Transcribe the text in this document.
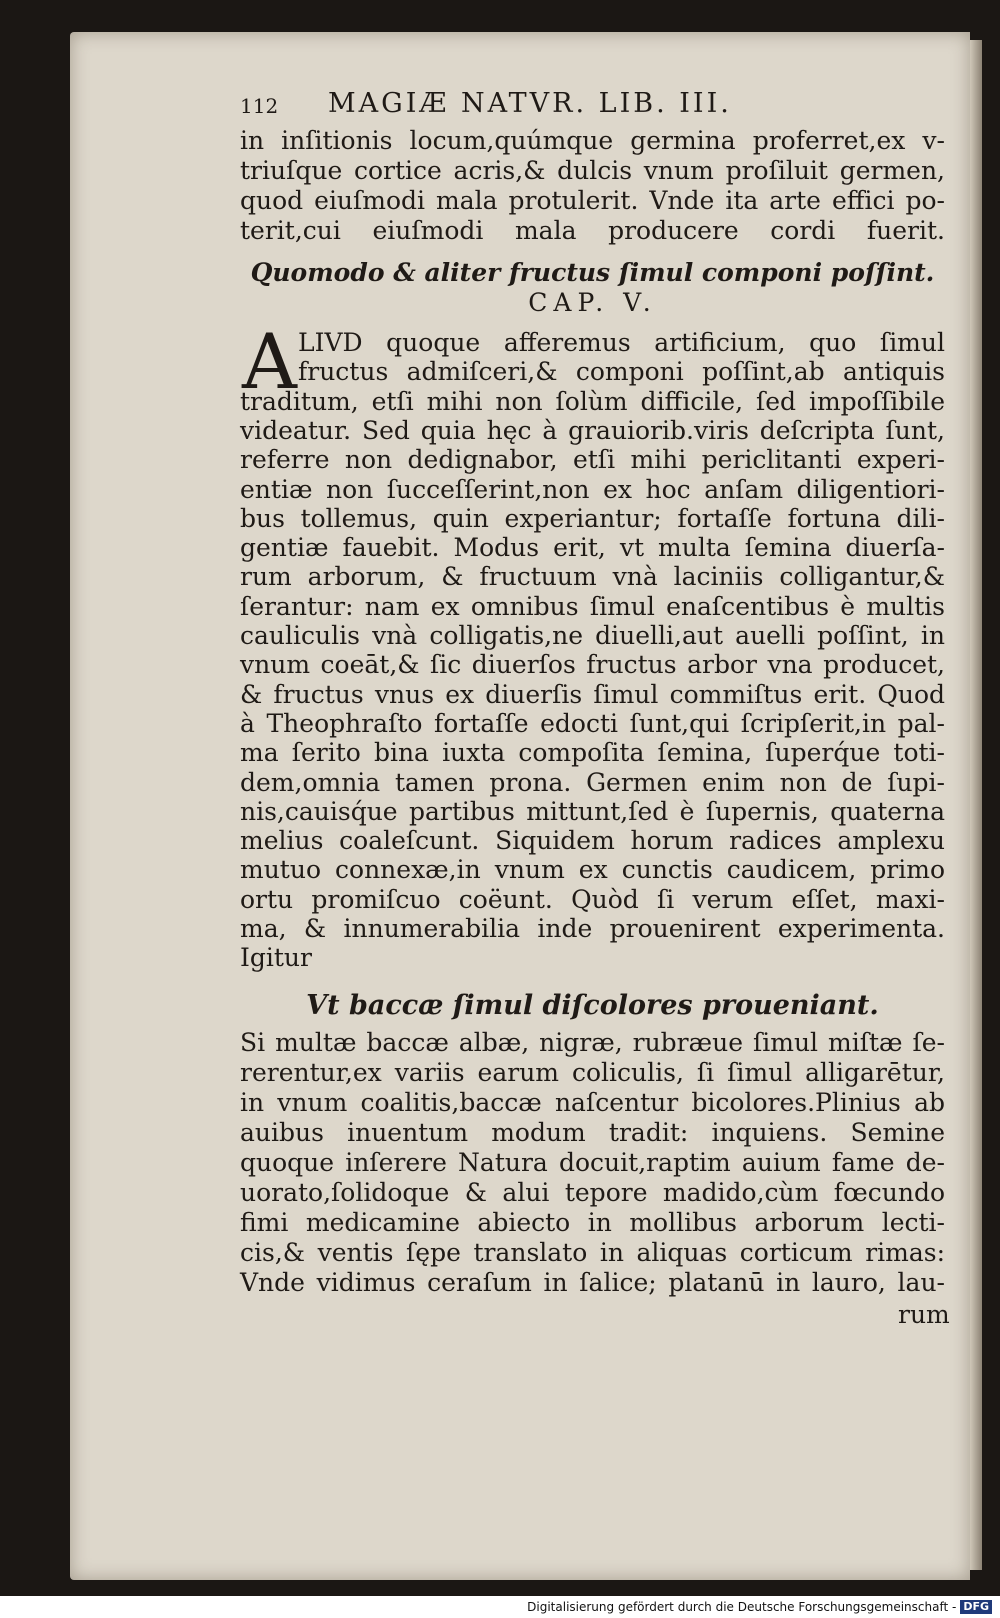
112 MAGIÆ NATVR. LIB. III.
in inſitionis locum,quúmque germina proferret,ex v-
triuſque cortice acris,& dulcis vnum proſiluit germen,
quod eiuſmodi mala protulerit. Vnde ita arte effici po-
terit,cui eiuſmodi mala producere cordi fuerit.
Quomodo & aliter fructus ſimul componi poſſint.
CAP. V.
A LIVD quoque afferemus artificium, quo ſimul
fructus admiſceri,& componi poſſint,ab antiquis
traditum, etſi mihi non ſolùm difficile, ſed impoſſibile
videatur. Sed quia hęc à grauiorib.viris deſcripta ſunt,
referre non dedignabor, etſi mihi periclitanti experi-
entiæ non ſucceſſerint,non ex hoc anſam diligentiori-
bus tollemus, quin experiantur; fortaſſe fortuna dili-
gentiæ fauebit. Modus erit, vt multa ſemina diuerſa-
rum arborum, & fructuum vnà laciniis colligantur,&
ſerantur: nam ex omnibus ſimul enaſcentibus è multis
cauliculis vnà colligatis,ne diuelli,aut auelli poſſint, in
vnum coeāt,& ſic diuerſos fructus arbor vna producet,
& fructus vnus ex diuerſis ſimul commiſtus erit. Quod
à Theophraſto fortaſſe edocti ſunt,qui ſcripſerit,in pal-
ma ſerito bina iuxta compoſita ſemina, ſuperq́ue toti-
dem,omnia tamen prona. Germen enim non de ſupi-
nis,cauisq́ue partibus mittunt,ſed è ſupernis, quaterna
melius coaleſcunt. Siquidem horum radices amplexu
mutuo connexæ,in vnum ex cunctis caudicem, primo
ortu promiſcuo coëunt. Quòd ſi verum eſſet, maxi-
ma, & innumerabilia inde prouenirent experimenta.
Igitur
Vt baccæ ſimul diſcolores proueniant.
Si multæ baccæ albæ, nigræ, rubræue ſimul miſtæ ſe-
rerentur,ex variis earum coliculis, ſi ſimul alligarētur,
in vnum coalitis,baccæ naſcentur bicolores.Plinius ab
auibus inuentum modum tradit: inquiens. Semine
quoque inſerere Natura docuit,raptim auium fame de-
uorato,ſolidoque & alui tepore madido,cùm fœcundo
fimi medicamine abiecto in mollibus arborum lecti-
cis,& ventis ſępe translato in aliquas corticum rimas:
Vnde vidimus ceraſum in ſalice; platanū in lauro, lau-
rum
Digitalisierung gefördert durch die Deutsche Forschungsgemeinschaft - DFG
